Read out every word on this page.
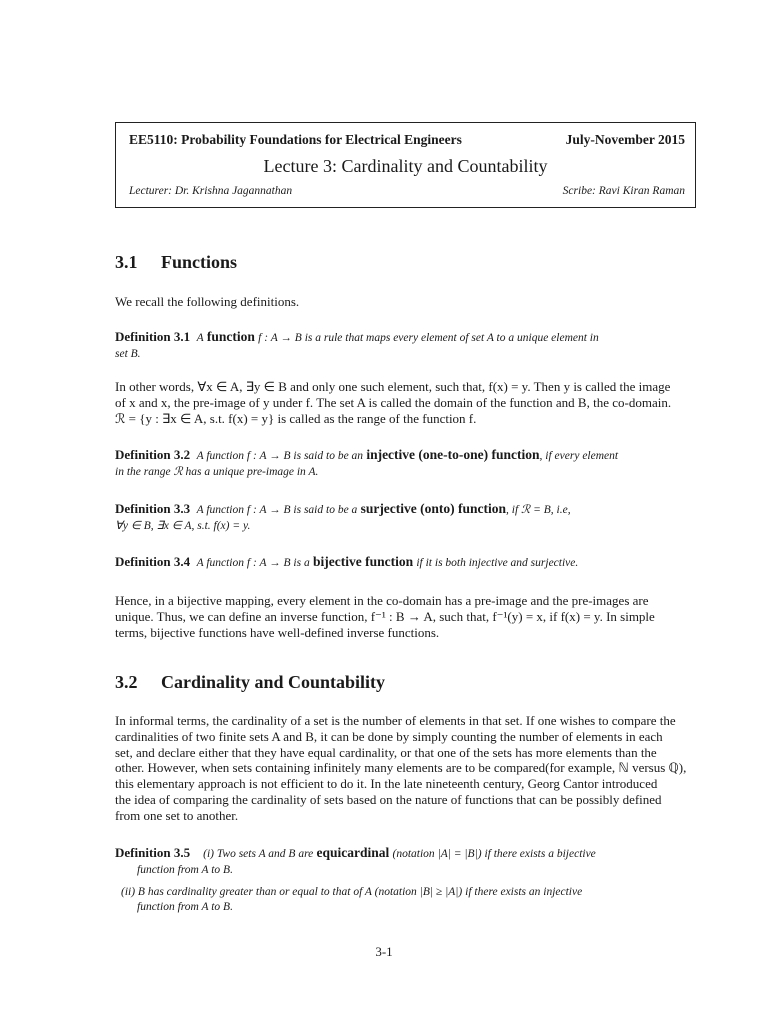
EE5110: Probability Foundations for Electrical Engineers	July-November 2015
Lecture 3: Cardinality and Countability
Lecturer: Dr. Krishna Jagannathan	Scribe: Ravi Kiran Raman
3.1 Functions
We recall the following definitions.
Definition 3.1 A function f : A → B is a rule that maps every element of set A to a unique element in
set B.
In other words, ∀x ∈ A, ∃y ∈ B and only one such element, such that, f(x) = y. Then y is called the image
of x and x, the pre-image of y under f. The set A is called the domain of the function and B, the co-domain.
ℛ = {y : ∃x ∈ A, s.t. f(x) = y} is called as the range of the function f.
Definition 3.2 A function f : A → B is said to be an injective (one-to-one) function, if every element
in the range ℛ has a unique pre-image in A.
Definition 3.3 A function f : A → B is said to be a surjective (onto) function, if ℛ = B, i.e,
∀y ∈ B, ∃x ∈ A, s.t. f(x) = y.
Definition 3.4 A function f : A → B is a bijective function if it is both injective and surjective.
Hence, in a bijective mapping, every element in the co-domain has a pre-image and the pre-images are
unique. Thus, we can define an inverse function, f⁻¹ : B → A, such that, f⁻¹(y) = x, if f(x) = y. In simple
terms, bijective functions have well-defined inverse functions.
3.2 Cardinality and Countability
In informal terms, the cardinality of a set is the number of elements in that set. If one wishes to compare the
cardinalities of two finite sets A and B, it can be done by simply counting the number of elements in each
set, and declare either that they have equal cardinality, or that one of the sets has more elements than the
other. However, when sets containing infinitely many elements are to be compared(for example, ℕ versus ℚ),
this elementary approach is not efficient to do it. In the late nineteenth century, Georg Cantor introduced
the idea of comparing the cardinality of sets based on the nature of functions that can be possibly defined
from one set to another.
Definition 3.5 (i) Two sets A and B are equicardinal (notation |A| = |B|) if there exists a bijective
function from A to B.
(ii) B has cardinality greater than or equal to that of A (notation |B| ≥ |A|) if there exists an injective
function from A to B.
3-1
